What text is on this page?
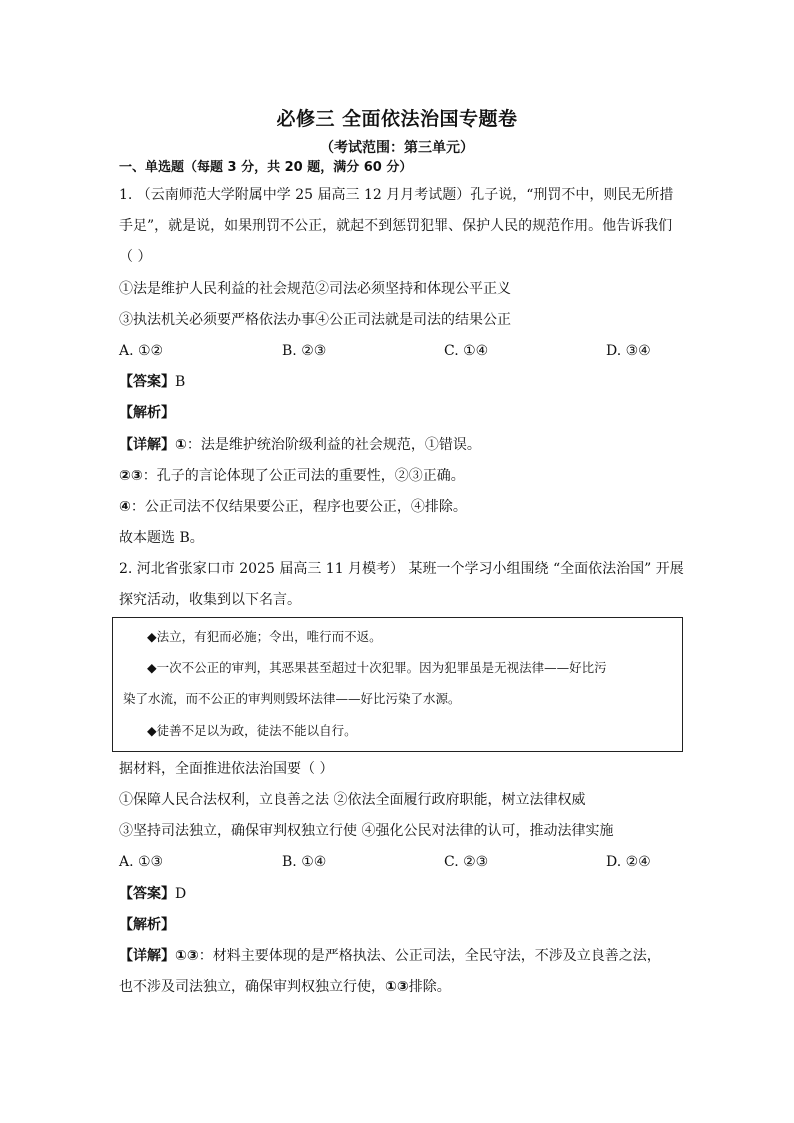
必修三 全面依法治国专题卷
（考试范围：第三单元）
一、单选题（每题 3 分，共 20 题，满分 60 分）
1. （云南师范大学附属中学 25 届高三 12 月月考试题）孔子说，“刑罚不中，则民无所措
手足”，就是说，如果刑罚不公正，就起不到惩罚犯罪、保护人民的规范作用。他告诉我们
（ ）
①法是维护人民利益的社会规范②司法必须坚持和体现公平正义
③执法机关必须要严格依法办事④公正司法就是司法的结果公正
A. ①②	B. ②③	C. ①④	D. ③④
【答案】B
【解析】
【详解】①：法是维护统治阶级利益的社会规范，①错误。
②③：孔子的言论体现了公正司法的重要性，②③正确。
④：公正司法不仅结果要公正，程序也要公正，④排除。
故本题选 B。
2. 河北省张家口市 2025 届高三 11 月模考） 某班一个学习小组围绕 “全面依法治国” 开展
探究活动，收集到以下名言。
◆法立，有犯而必施；令出，唯行而不返。
◆一次不公正的审判，其恶果甚至超过十次犯罪。因为犯罪虽是无视法律——好比污
染了水流，而不公正的审判则毁坏法律——好比污染了水源。
◆徒善不足以为政，徒法不能以自行。
据材料，全面推进依法治国要（ ）
①保障人民合法权利，立良善之法 ②依法全面履行政府职能，树立法律权威
③坚持司法独立，确保审判权独立行使 ④强化公民对法律的认可，推动法律实施
A. ①③	B. ①④	C. ②③	D. ②④
【答案】D
【解析】
【详解】①③：材料主要体现的是严格执法、公正司法，全民守法，不涉及立良善之法，
也不涉及司法独立，确保审判权独立行使，①③排除。
